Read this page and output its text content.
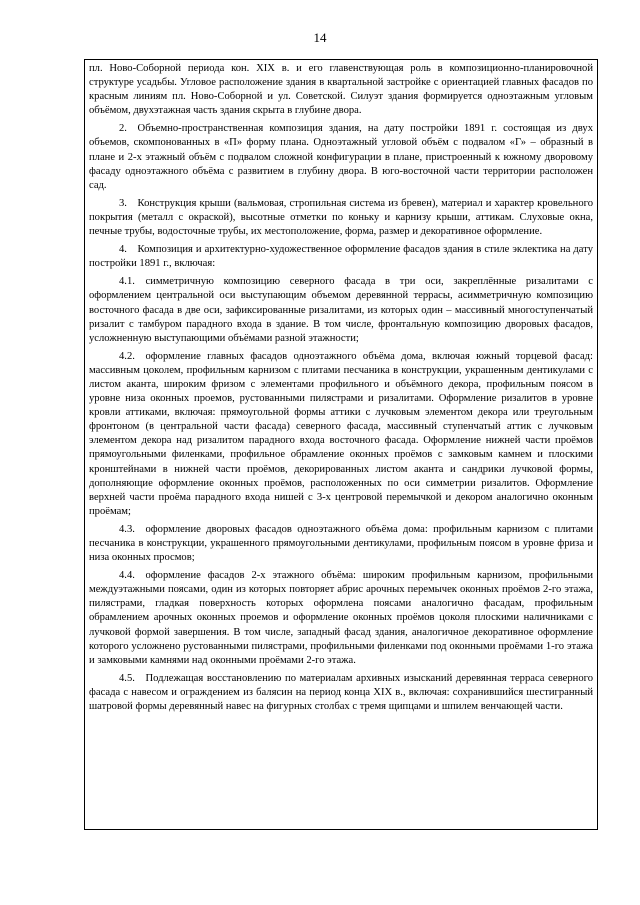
14

пл. Ново-Соборной периода кон. XIX в. и его главенствующая роль в композиционно-планировочной структуре усадьбы. Угловое расположение здания в квартальной застройке с ориентацией главных фасадов по красным линиям пл. Ново-Соборной и ул. Советской. Силуэт здания формируется одноэтажным угловым объёмом, двухэтажная часть здания скрыта в глубине двора.

2. Объемно-пространственная композиция здания, на дату постройки 1891 г. состоящая из двух объемов, скомпонованных в «П» форму плана. Одноэтажный угловой объём с подвалом «Г» – образный в плане и 2-х этажный объём с подвалом сложной конфигурации в плане, пристроенный к южному дворовому фасаду одноэтажного объёма с развитием в глубину двора. В юго-восточной части территории расположен сад.

3. Конструкция крыши (вальмовая, стропильная система из бревен), материал и характер кровельного покрытия (металл с окраской), высотные отметки по коньку и карнизу крыши, аттикам. Слуховые окна, печные трубы, водосточные трубы, их местоположение, форма, размер и декоративное оформление.

4. Композиция и архитектурно-художественное оформление фасадов здания в стиле эклектика на дату постройки 1891 г., включая:

4.1. симметричную композицию северного фасада в три оси, закреплённые ризалитами с оформлением центральной оси выступающим объемом деревянной террасы, асимметричную композицию восточного фасада в две оси, зафиксированные ризалитами, из которых один – массивный многоступенчатый ризалит с тамбуром парадного входа в здание. В том числе, фронтальную композицию дворовых фасадов, усложненную выступающими объёмами разной этажности;

4.2. оформление главных фасадов одноэтажного объёма дома, включая южный торцевой фасад: массивным цоколем, профильным карнизом с плитами песчаника в конструкции, украшенным дентикулами с листом аканта, широким фризом с элементами профильного и объёмного декора, профильным поясом в уровне низа оконных проемов, рустованными пилястрами и ризалитами. Оформление ризалитов в уровне кровли аттиками, включая: прямоугольной формы аттики с лучковым элементом декора или треугольным фронтоном (в центральной части фасада) северного фасада, массивный ступенчатый аттик с лучковым элементом декора над ризалитом парадного входа восточного фасада. Оформление нижней части проёмов прямоугольными филенками, профильное обрамление оконных проёмов с замковым камнем и плоскими кронштейнами в нижней части проёмов, декорированных листом аканта и сандрики лучковой формы, дополняющие оформление оконных проёмов, расположенных по оси симметрии ризалитов. Оформление верхней части проёма парадного входа нишей с 3-х центровой перемычкой и декором аналогично оконным проёмам;

4.3. оформление дворовых фасадов одноэтажного объёма дома: профильным карнизом с плитами песчаника в конструкции, украшенного прямоугольными дентикулами, профильным поясом в уровне фриза и низа оконных просмов;

4.4. оформление фасадов 2-х этажного объёма: широким профильным карнизом, профильными междуэтажными поясами, один из которых повторяет абрис арочных перемычек оконных проёмов 2-го этажа, пилястрами, гладкая поверхность которых оформлена поясами аналогично фасадам, профильным обрамлением арочных оконных проемов и оформление оконных проёмов цоколя плоскими наличниками с лучковой формой завершения. В том числе, западный фасад здания, аналогичное декоративное оформление которого усложнено рустованными пилястрами, профильными филенками под оконными проёмами 1-го этажа и замковыми камнями над оконными проёмами 2-го этажа.

4.5. Подлежащая восстановлению по материалам архивных изысканий деревянная терраса северного фасада с навесом и ограждением из балясин на период конца XIX в., включая: сохранившийся шестигранный шатровой формы деревянный навес на фигурных столбах с тремя щипцами и шпилем венчающей части.
